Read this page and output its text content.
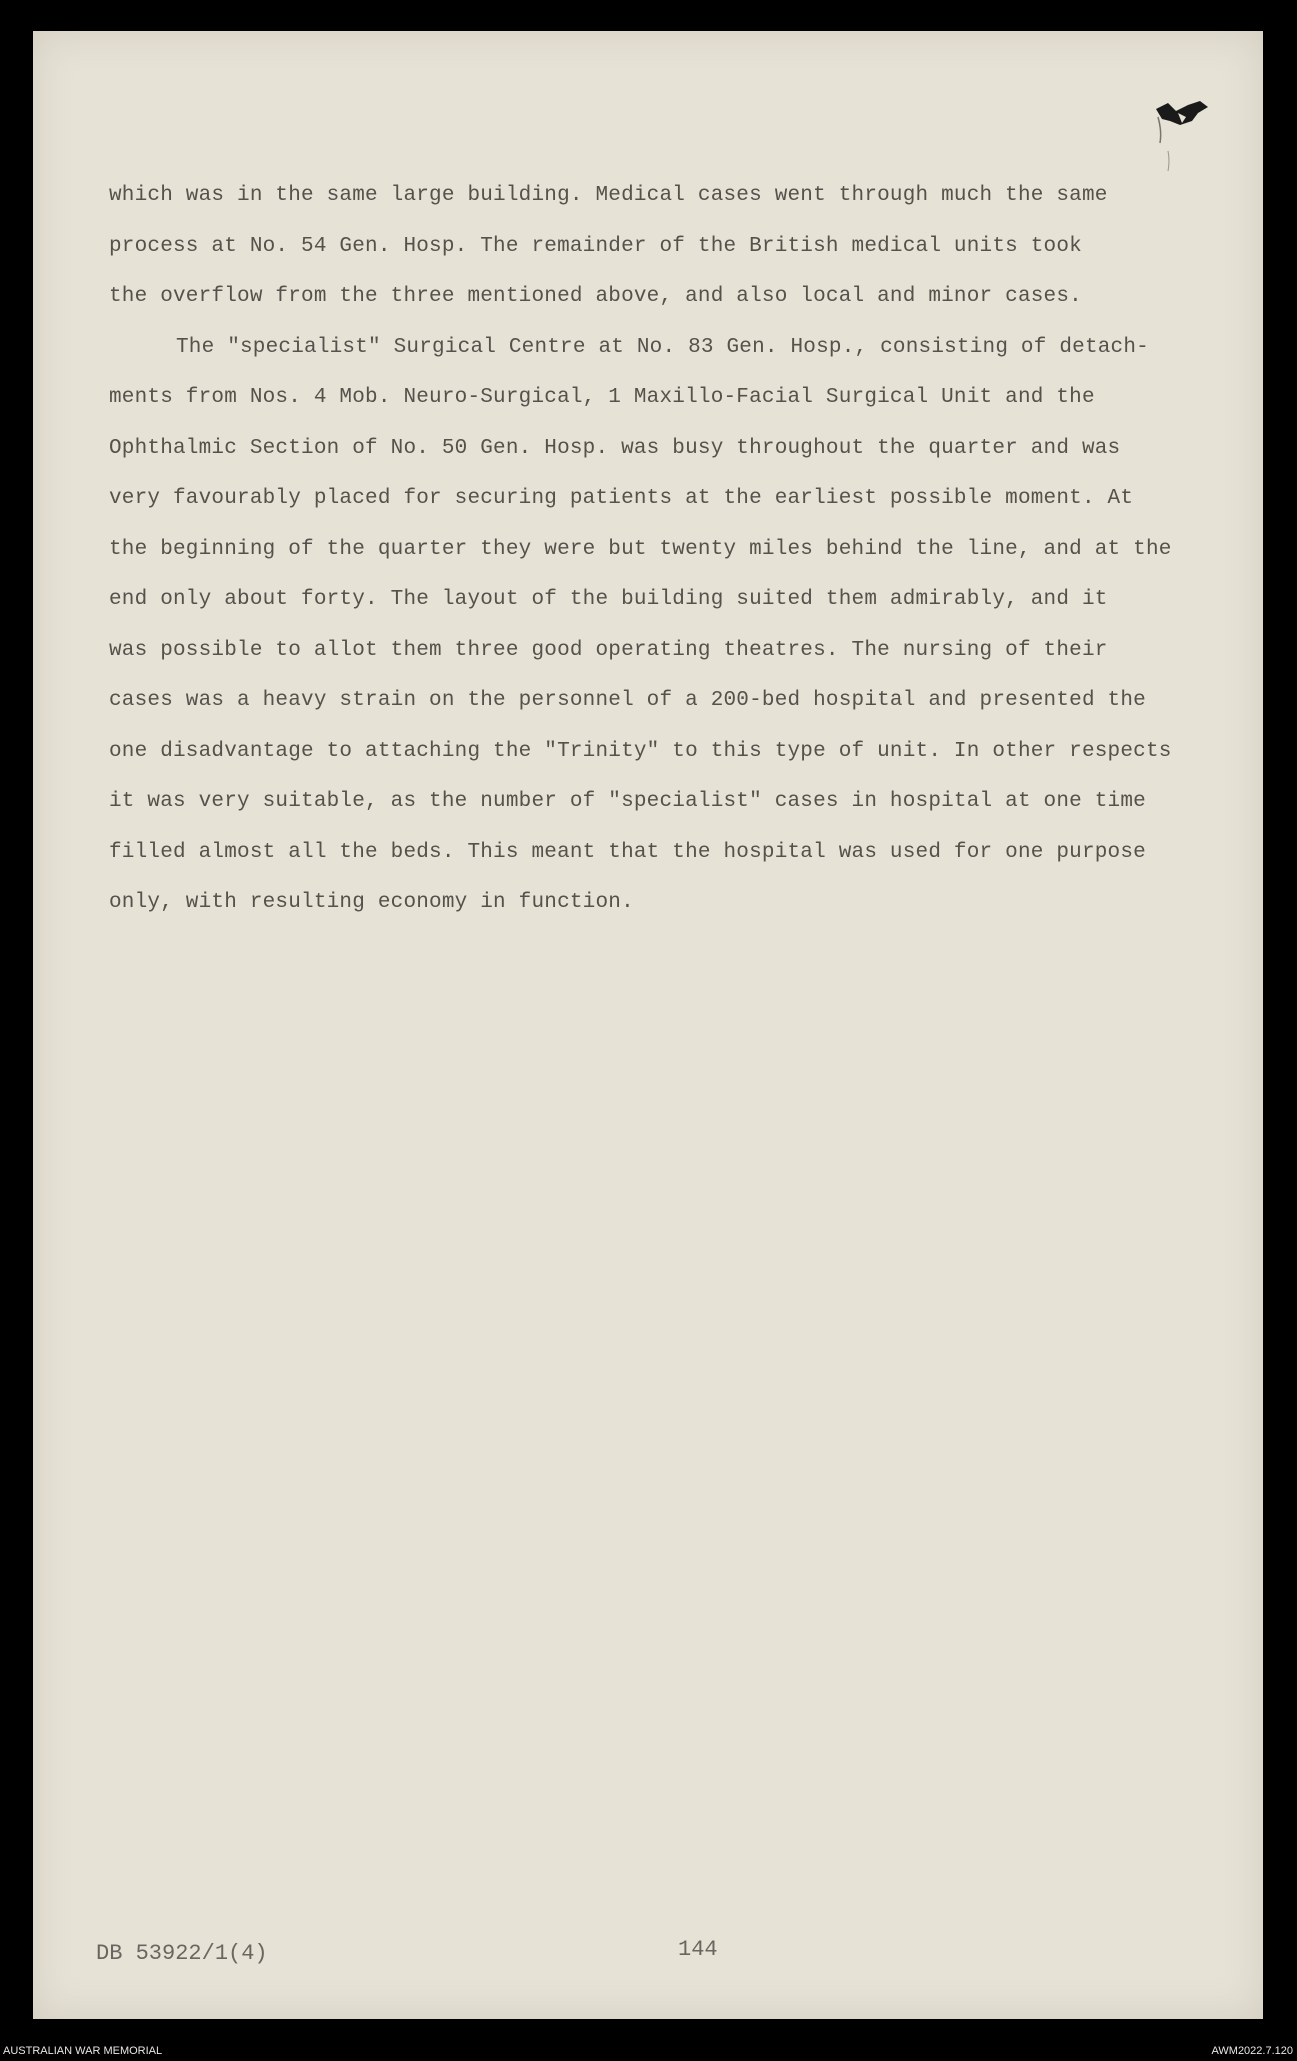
which was in the same large building. Medical cases went through much the same
process at No. 54 Gen. Hosp. The remainder of the British medical units took
the overflow from the three mentioned above, and also local and minor cases.

The "specialist" Surgical Centre at No. 83 Gen. Hosp., consisting of detach-
ments from Nos. 4 Mob. Neuro-Surgical, 1 Maxillo-Facial Surgical Unit and the
Ophthalmic Section of No. 50 Gen. Hosp. was busy throughout the quarter and was
very favourably placed for securing patients at the earliest possible moment. At
the beginning of the quarter they were but twenty miles behind the line, and at the
end only about forty. The layout of the building suited them admirably, and it
was possible to allot them three good operating theatres. The nursing of their
cases was a heavy strain on the personnel of a 200-bed hospital and presented the
one disadvantage to attaching the "Trinity" to this type of unit. In other respects
it was very suitable, as the number of "specialist" cases in hospital at one time
filled almost all the beds. This meant that the hospital was used for one purpose
only, with resulting economy in function.

DB 53922/1(4)	144
AUSTRALIAN WAR MEMORIAL	AWM2022.7.120
